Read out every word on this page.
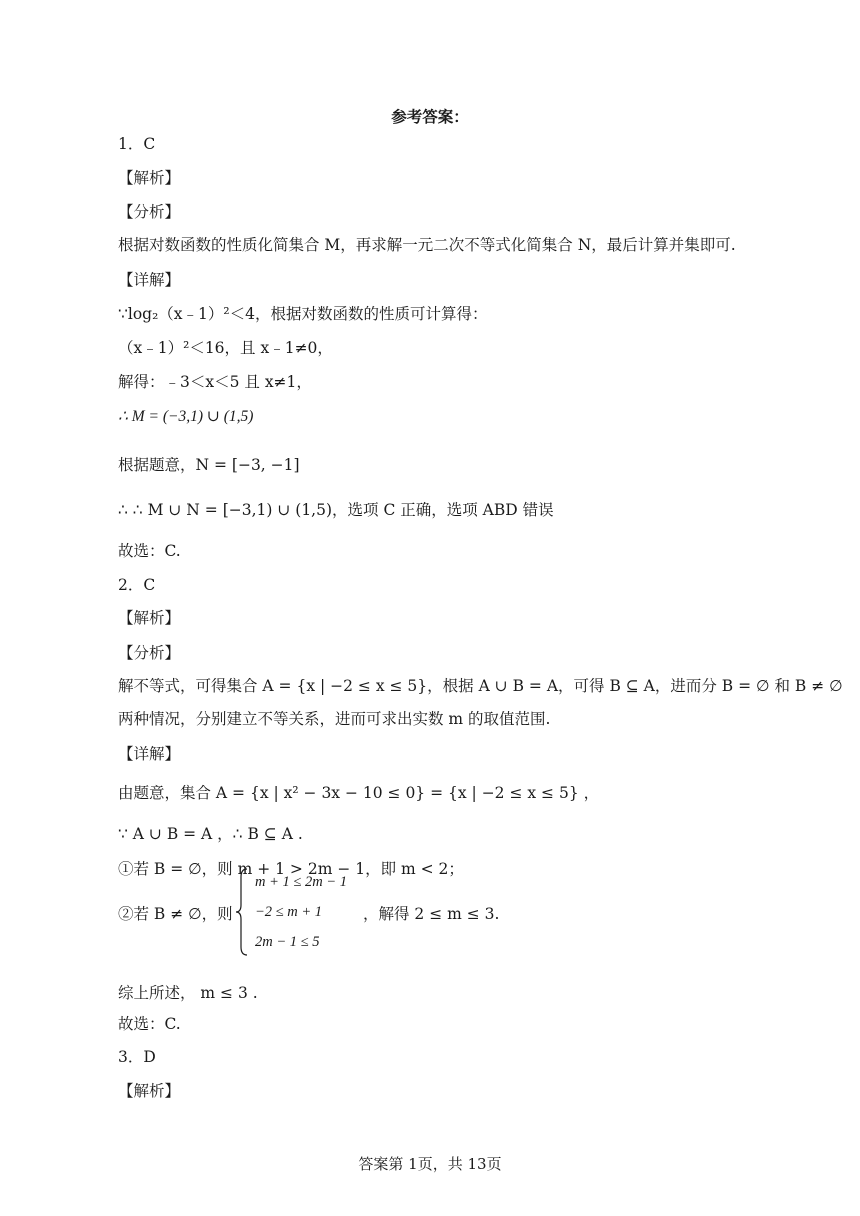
参考答案：
1．C
【解析】
【分析】
根据对数函数的性质化简集合 M，再求解一元二次不等式化简集合 N，最后计算并集即可.
【详解】
∵log₂（x﹣1）²＜4，根据对数函数的性质可计算得：
（x﹣1）²＜16，且 x﹣1≠0，
解得：﹣3＜x＜5 且 x≠1，
∴ M = (−3,1) ∪ (1,5)
根据题意，N = [−3, −1]
∴ ∴ M ∪ N = [−3,1) ∪ (1,5)，选项 C 正确，选项 ABD 错误
故选：C.
2．C
【解析】
【分析】
解不等式，可得集合 A = {x | −2 ≤ x ≤ 5}，根据 A ∪ B = A，可得 B ⊆ A，进而分 B = ∅ 和 B ≠ ∅
两种情况，分别建立不等关系，进而可求出实数 m 的取值范围.
【详解】
由题意，集合 A = {x | x² − 3x − 10 ≤ 0} = {x | −2 ≤ x ≤ 5} ，
∵ A ∪ B = A ，∴ B ⊆ A .
①若 B = ∅，则 m + 1 > 2m − 1，即 m < 2；
②若 B ≠ ∅，则
m + 1 ≤ 2m − 1
−2 ≤ m + 1
2m − 1 ≤ 5
，解得 2 ≤ m ≤ 3.
综上所述， m ≤ 3 .
故选：C.
3．D
【解析】
答案第 1页，共 13页
